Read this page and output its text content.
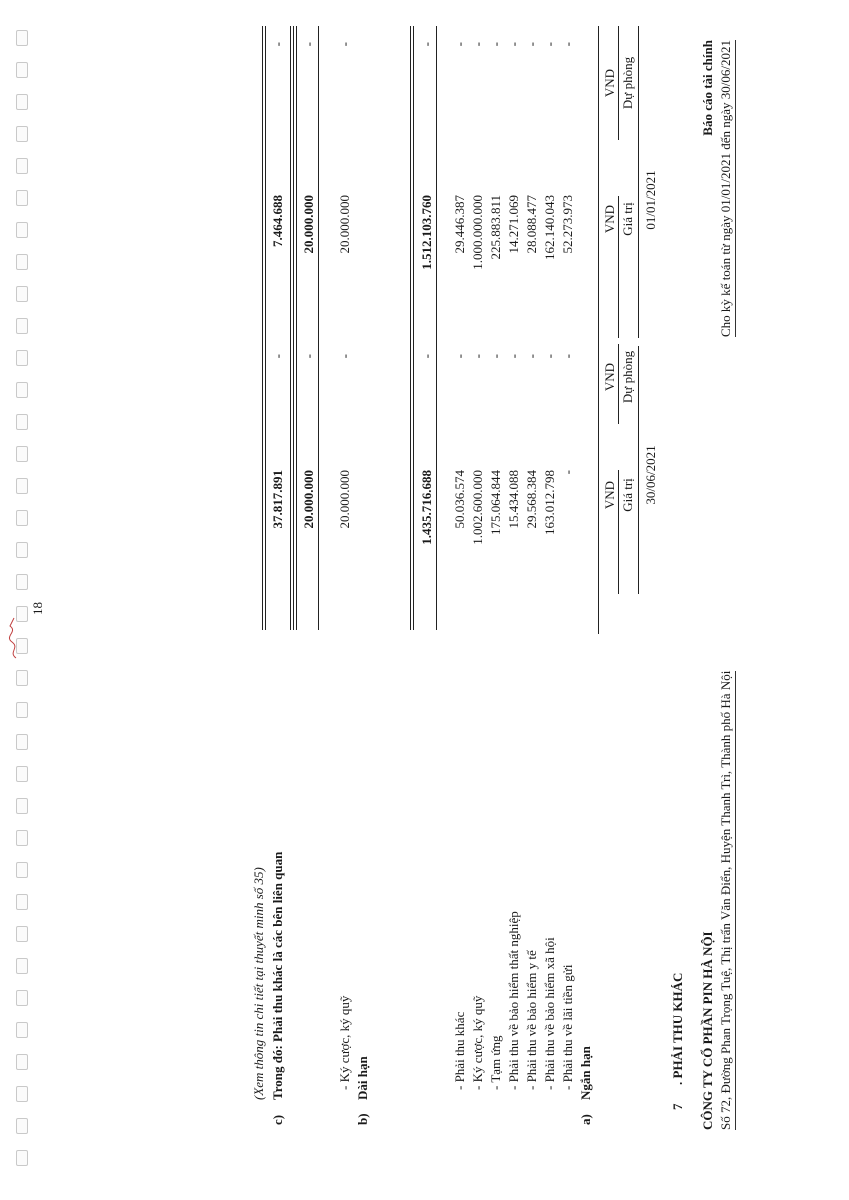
CÔNG TY CỔ PHẦN PIN HÀ NỘI Số 72, Đường Phan Trọng Tuệ, Thị trấn Văn Điển, Huyện Thanh Trì, Thành phố Hà Nội
Báo cáo tài chính Cho kỳ kế toán từ ngày 01/01/2021 đến ngày 30/06/2021
7
. PHẢI THU KHÁC
30/06/2021
01/01/2021
Giá trị
VND
Dự phòng
VND
Giá trị
VND
Dự phòng
VND
a)
Ngắn hạn
- Phải thu về lãi tiền gửi
-
-
52.273.973
-
- Phải thu về bảo hiểm xã hội
163.012.798
-
162.140.043
-
- Phải thu về bảo hiểm y tế
29.568.384
-
28.088.477
-
- Phải thu về bảo hiểm thất nghiệp
15.434.088
-
14.271.069
-
- Tạm ứng
175.064.844
-
225.883.811
-
- Ký cược, ký quỹ
1.002.600.000
-
1.000.000.000
-
- Phải thu khác
50.036.574
-
29.446.387
-
1.435.716.688
-
1.512.103.760
-
b)
Dài hạn
- Ký cược, ký quỹ
20.000.000
-
20.000.000
-
20.000.000
-
20.000.000
-
c)
Trong đó: Phải thu khác là các bên liên quan
(Xem thông tin chi tiết tại thuyết minh số 35)
37.817.891
-
7.464.688
-
18
